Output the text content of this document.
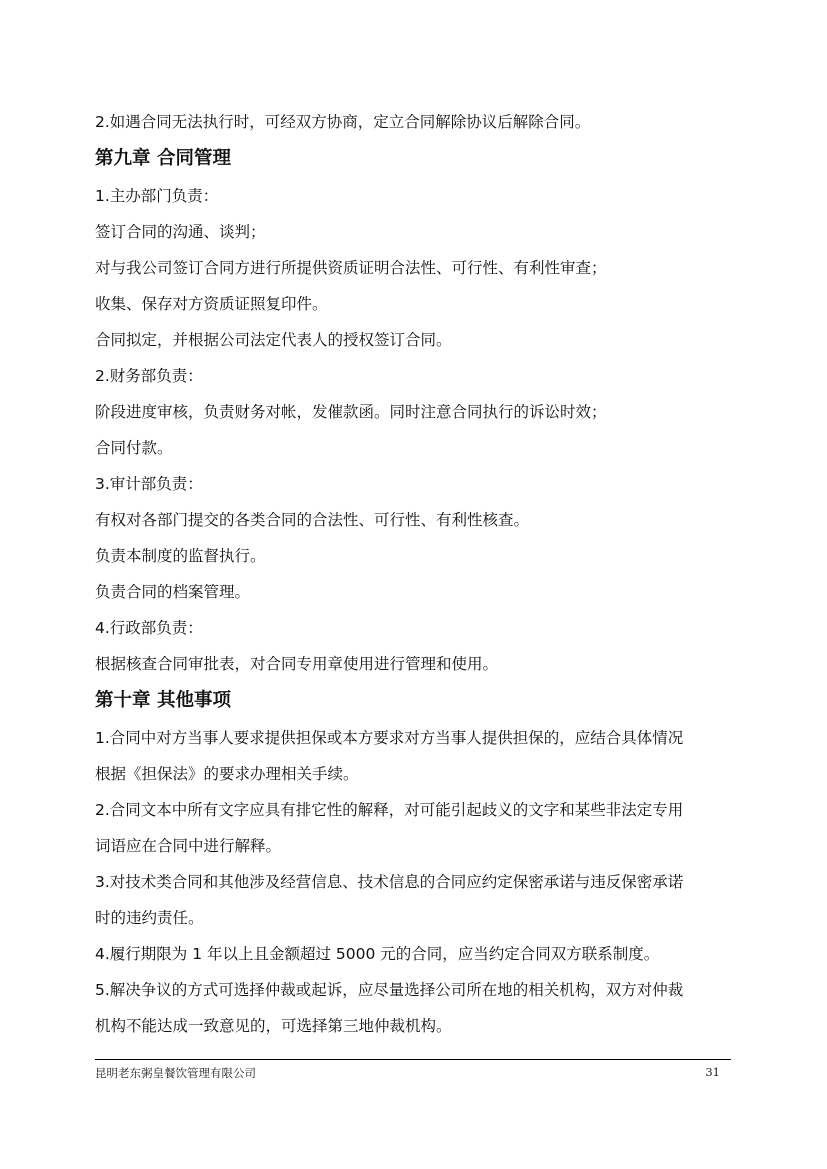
2.如遇合同无法执行时，可经双方协商，定立合同解除协议后解除合同。
第九章 合同管理
1.主办部门负责：
签订合同的沟通、谈判；
对与我公司签订合同方进行所提供资质证明合法性、可行性、有利性审查；
收集、保存对方资质证照复印件。
合同拟定，并根据公司法定代表人的授权签订合同。
2.财务部负责：
阶段进度审核，负责财务对帐，发催款函。同时注意合同执行的诉讼时效；
合同付款。
3.审计部负责：
有权对各部门提交的各类合同的合法性、可行性、有利性核查。
负责本制度的监督执行。
负责合同的档案管理。
4.行政部负责：
根据核查合同审批表，对合同专用章使用进行管理和使用。
第十章 其他事项
1.合同中对方当事人要求提供担保或本方要求对方当事人提供担保的，应结合具体情况
根据《担保法》的要求办理相关手续。
2.合同文本中所有文字应具有排它性的解释，对可能引起歧义的文字和某些非法定专用
词语应在合同中进行解释。
3.对技术类合同和其他涉及经营信息、技术信息的合同应约定保密承诺与违反保密承诺
时的违约责任。
4.履行期限为 1 年以上且金额超过 5000 元的合同，应当约定合同双方联系制度。
5.解决争议的方式可选择仲裁或起诉，应尽量选择公司所在地的相关机构，双方对仲裁
机构不能达成一致意见的，可选择第三地仲裁机构。
昆明老东粥皇餐饮管理有限公司	31
